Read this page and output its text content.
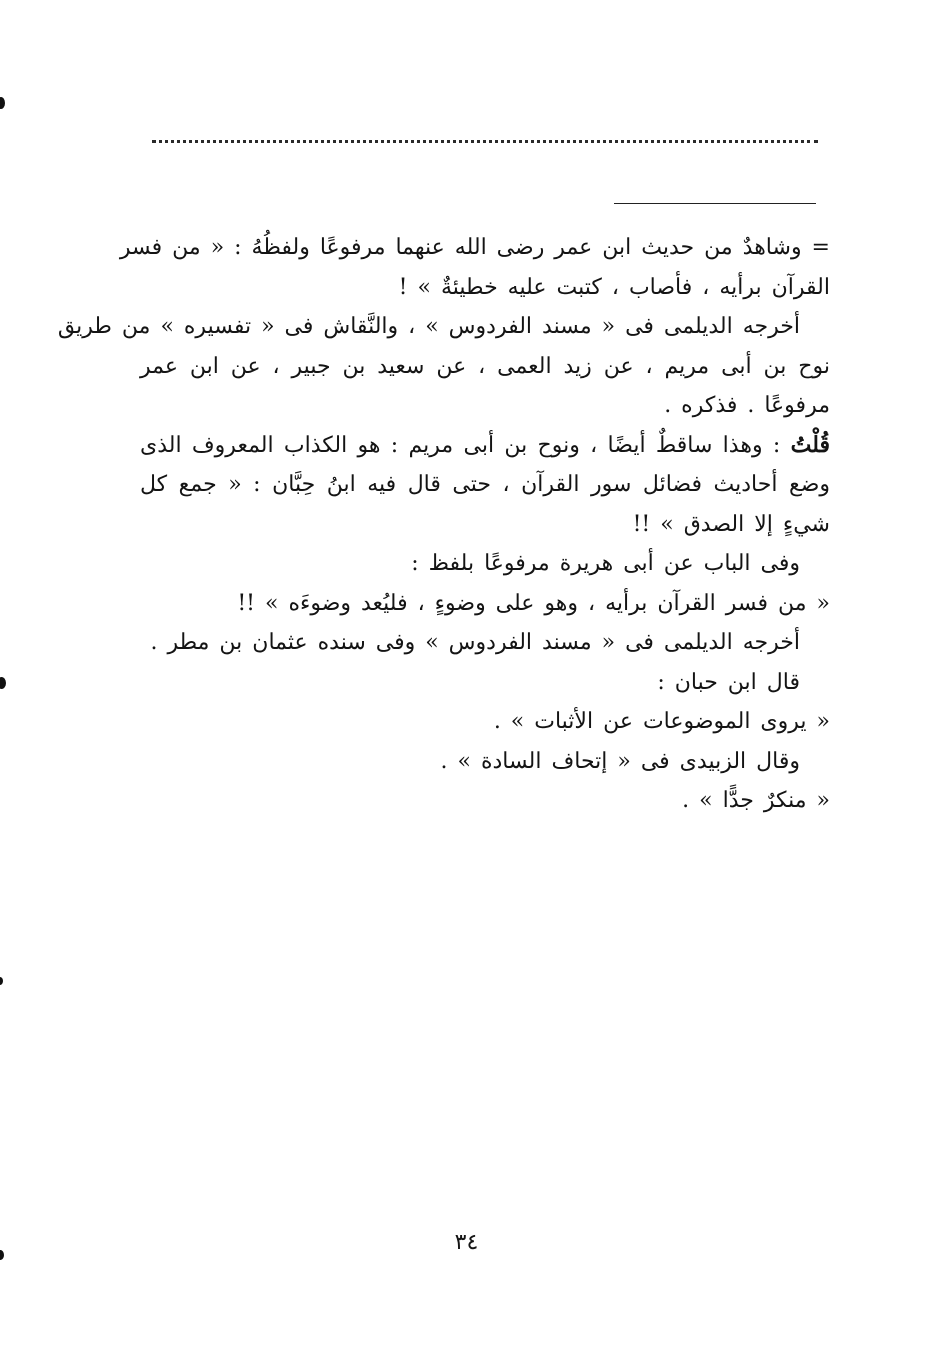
= وشاهدٌ من حديث ابن عمر رضى الله عنهما مرفوعًا ولفظُهُ : « من فسر
القرآن برأيه ، فأصاب ، كتبت عليه خطيئةٌ » !
أخرجه الديلمى فى « مسند الفردوس » ، والنَّقاش فى « تفسيره » من طريق
نوح بن أبى مريم ، عن زيد العمى ، عن سعيد بن جبير ، عن ابن عمر
مرفوعًا . فذكره .
قُلْتُ : وهذا ساقطٌ أيضًا ، ونوح بن أبى مريم : هو الكذاب المعروف الذى
وضع أحاديث فضائل سور القرآن ، حتى قال فيه ابنُ حِبَّان : « جمع كل
شيءٍ إلا الصدق » !!
وفى الباب عن أبى هريرة مرفوعًا بلفظ :
« من فسر القرآن برأيه ، وهو على وضوءٍ ، فليُعد وضوءَه » !!
أخرجه الديلمى فى « مسند الفردوس » وفى سنده عثمان بن مطر .
قال ابن حبان :
« يروى الموضوعات عن الأثبات » .
وقال الزبيدى فى « إتحاف السادة » .
« منكرٌ جدًّا » .
٣٤
